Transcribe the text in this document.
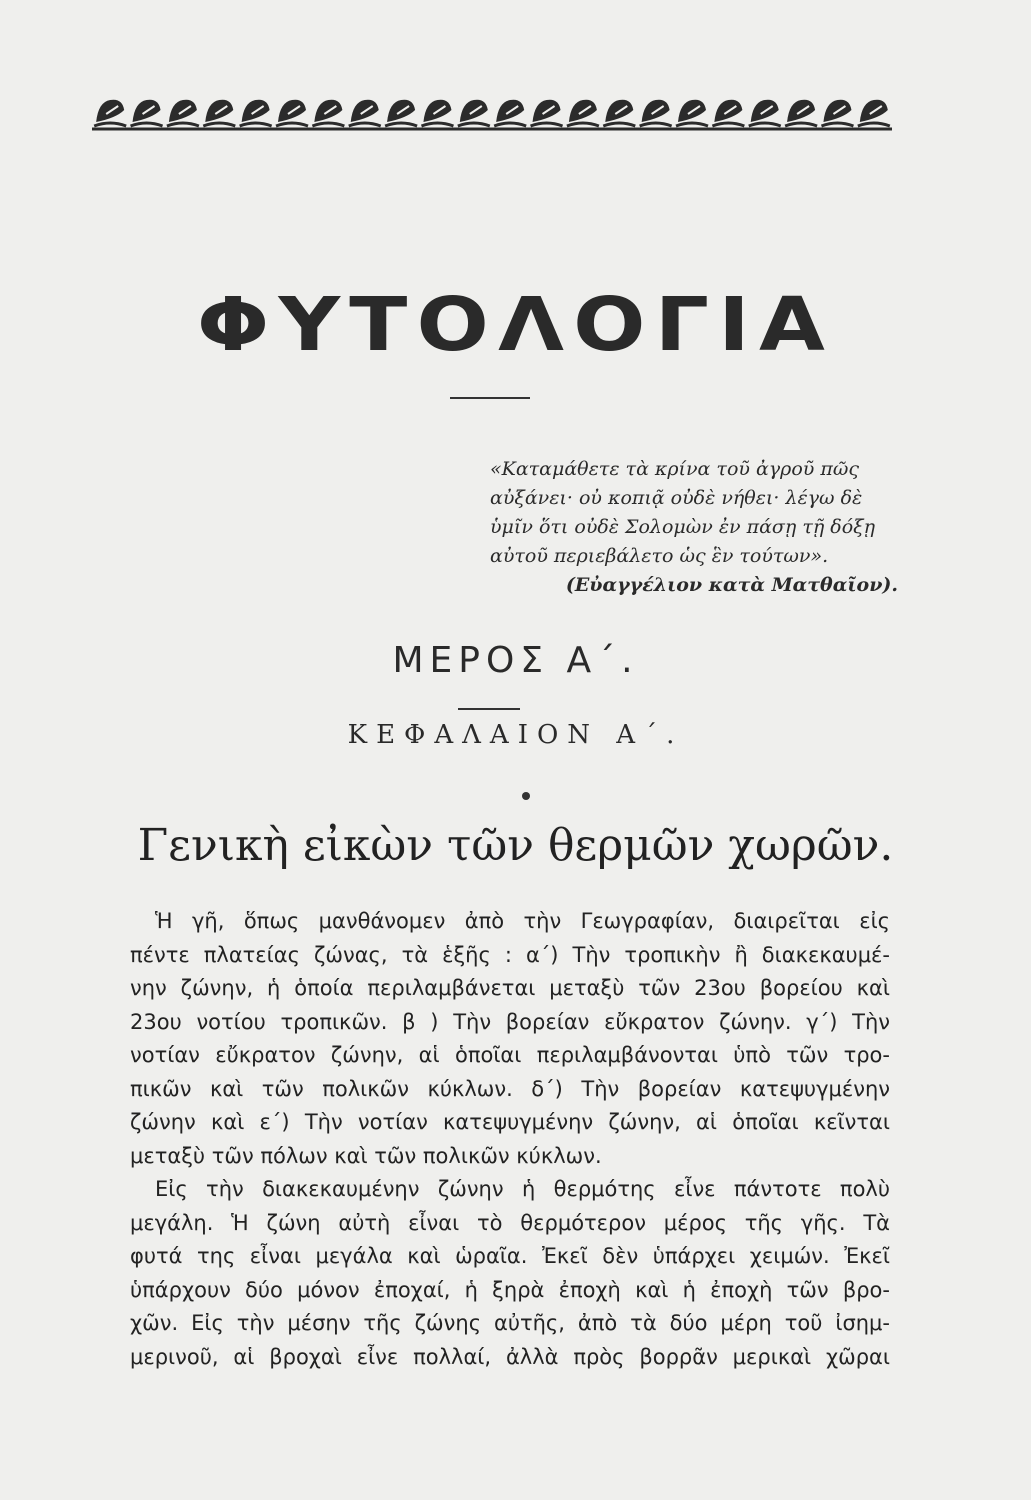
ΦΥΤΟΛΟΓΙΑ
«Καταμάθετε τὰ κρίνα τοῦ ἀγροῦ πῶς
αὐξάνει· οὐ κοπιᾷ οὐδὲ νήθει· λέγω δὲ
ὑμῖν ὅτι οὐδὲ Σολομὼν ἐν πάσῃ τῇ δόξῃ
αὐτοῦ περιεβάλετο ὡς ἓν τούτων».
(Εὐαγγέλιον κατὰ Ματθαῖον).
ΜΕΡΟΣ Α΄.
ΚΕΦΑΛΑΙΟΝ Α΄.
Γενικὴ εἰκὼν τῶν θερμῶν χωρῶν.
Ἡ γῆ, ὅπως μανθάνομεν ἀπὸ τὴν Γεωγραφίαν, διαιρεῖται εἰς
πέντε πλατείας ζώνας, τὰ ἑξῆς : α΄) Τὴν τροπικὴν ἢ διακεκαυμέ-
νην ζώνην, ἡ ὁποία περιλαμβάνεται μεταξὺ τῶν 23ου βορείου καὶ
23ου νοτίου τροπικῶν. β ) Τὴν βορείαν εὔκρατον ζώνην. γ΄) Τὴν
νοτίαν εὔκρατον ζώνην, αἱ ὁποῖαι περιλαμβάνονται ὑπὸ τῶν τρο-
πικῶν καὶ τῶν πολικῶν κύκλων. δ΄) Τὴν βορείαν κατεψυγμένην
ζώνην καὶ ε΄) Τὴν νοτίαν κατεψυγμένην ζώνην, αἱ ὁποῖαι κεῖνται
μεταξὺ τῶν πόλων καὶ τῶν πολικῶν κύκλων.
Εἰς τὴν διακεκαυμένην ζώνην ἡ θερμότης εἶνε πάντοτε πολὺ
μεγάλη. Ἡ ζώνη αὐτὴ εἶναι τὸ θερμότερον μέρος τῆς γῆς. Τὰ
φυτά της εἶναι μεγάλα καὶ ὡραῖα. Ἐκεῖ δὲν ὑπάρχει χειμών. Ἐκεῖ
ὑπάρχουν δύο μόνον ἐποχαί, ἡ ξηρὰ ἐποχὴ καὶ ἡ ἐποχὴ τῶν βρο-
χῶν. Εἰς τὴν μέσην τῆς ζώνης αὐτῆς, ἀπὸ τὰ δύο μέρη τοῦ ἰσημ-
μερινοῦ, αἱ βροχαὶ εἶνε πολλαί, ἀλλὰ πρὸς βορρᾶν μερικαὶ χῶραι
